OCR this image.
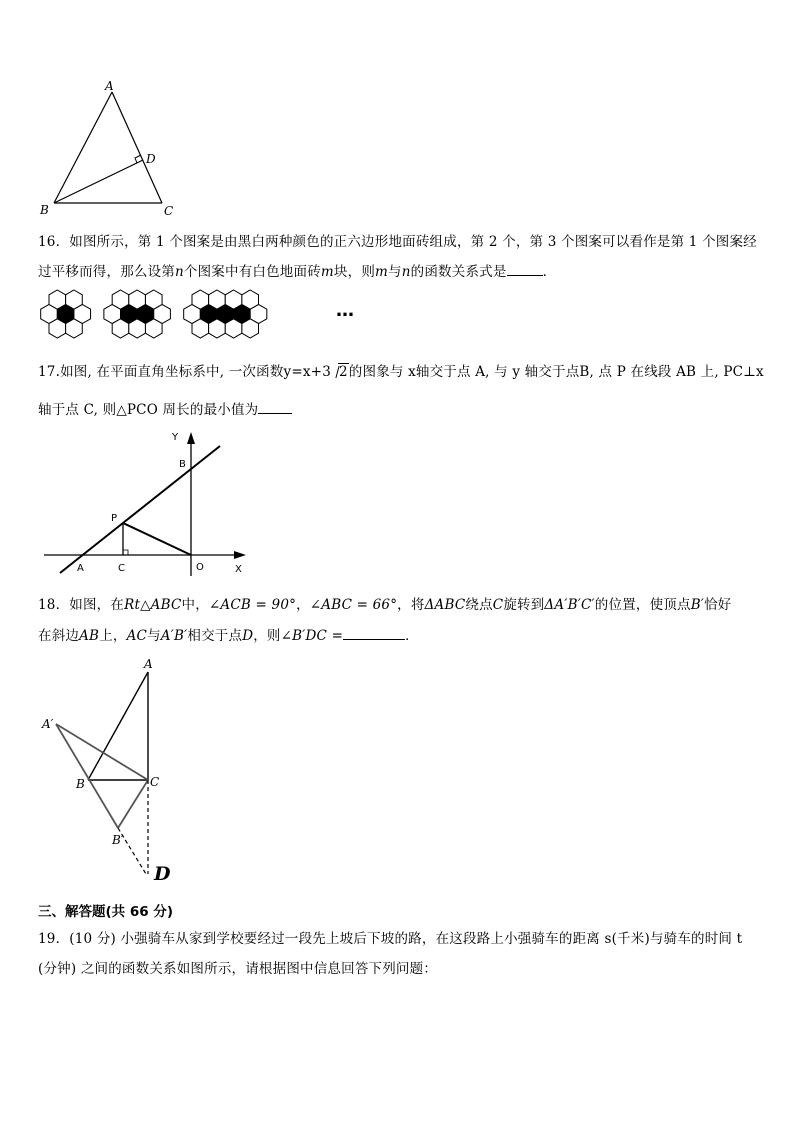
A
D
B	C
16．如图所示，第 1 个图案是由黑白两种颜色的正六边形地面砖组成，第 2 个，第 3 个图案可以看作是第 1 个图案经
过平移而得，那么设第n个图案中有白色地面砖m块，则m与n的函数关系式是	．
…
17.如图, 在平面直角坐标系中, 一次函数y=x+3 2的图象与 x轴交于点 A, 与 y 轴交于点B, 点 P 在线段 AB 上, PC⊥x
轴于点 C, 则△PCO 周长的最小值为
Y
B
P
A	C	O	X
18．如图，在Rt△ABC中，∠ACB = 90°，∠ABC = 66°，将ΔABC绕点C旋转到ΔA′B′C′的位置，使顶点B′恰好
在斜边AB上，AC与A′B′相交于点D，则∠B′DC =	．
A
A′
B	C
B′
D
三、解答题(共 66 分)
19．(10 分) 小强骑车从家到学校要经过一段先上坡后下坡的路，在这段路上小强骑车的距离 s(千米)与骑车的时间 t
(分钟) 之间的函数关系如图所示，请根据图中信息回答下列问题：
